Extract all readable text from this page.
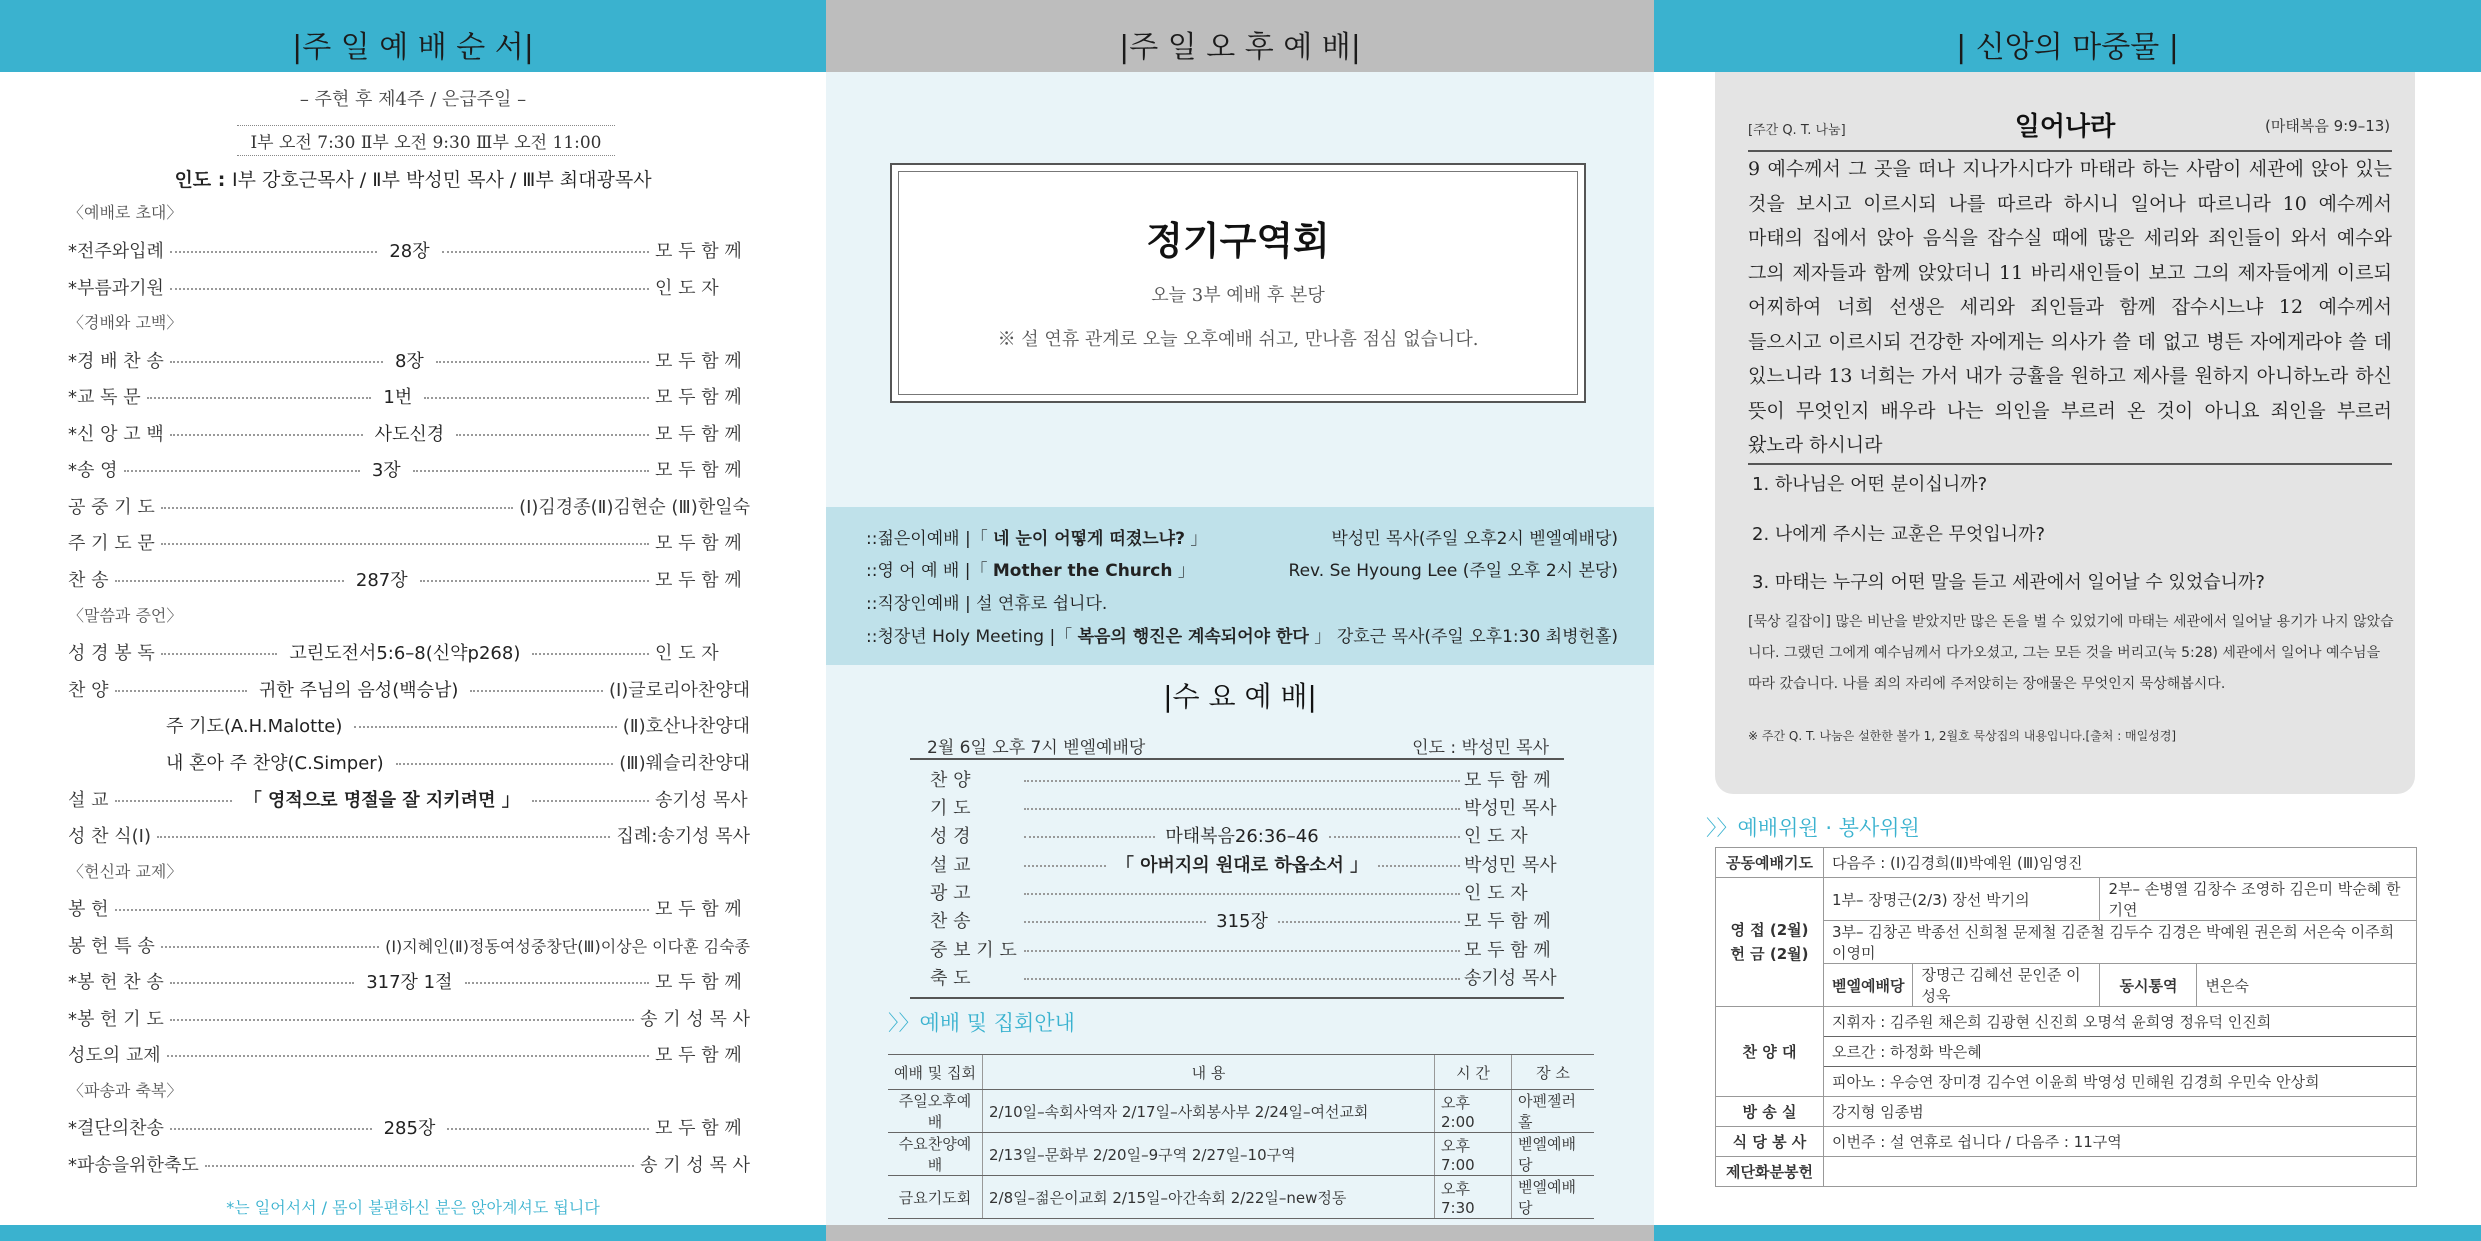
|주 일 예 배 순 서|
– 주현 후 제4주 / 은급주일 –
Ⅰ부 오전 7:30 Ⅱ부 오전 9:30 Ⅲ부 오전 11:00
인도 : Ⅰ부 강호근목사 / Ⅱ부 박성민 목사 / Ⅲ부 최대광목사
〈예배로 초대〉
*전주와입례	28장	모 두 함 께
*부름과기원	인 도 자
〈경배와 고백〉
*경 배 찬 송	8장	모 두 함 께
*교 독 문	1번	모 두 함 께
*신 앙 고 백	사도신경	모 두 함 께
*송 영	3장	모 두 함 께
공 중 기 도	(Ⅰ)김경종(Ⅱ)김현순 (Ⅲ)한일숙
주 기 도 문	모 두 함 께
찬 송	287장	모 두 함 께
〈말씀과 증언〉
성 경 봉 독	고린도전서5:6–8(신약p268)	인 도 자
찬 양	귀한 주님의 음성(백승남)	(Ⅰ)글로리아찬양대
주 기도(A.H.Malotte)	(Ⅱ)호산나찬양대
내 혼아 주 찬양(C.Simper)	(Ⅲ)웨슬리찬양대
설 교	「 영적으로 명절을 잘 지키려면 」	송기성 목사
성 찬 식(Ⅰ)	집례:송기성 목사
〈헌신과 교제〉
봉 헌	모 두 함 께
봉 헌 특 송	(Ⅰ)지혜인(Ⅱ)정동여성중창단(Ⅲ)이상은 이다훈 김숙종
*봉 헌 찬 송	317장 1절	모 두 함 께
*봉 헌 기 도	송 기 성 목 사
성도의 교제	모 두 함 께
〈파송과 축복〉
*결단의찬송	285장	모 두 함 께
*파송을위한축도	송 기 성 목 사
*는 일어서서 / 몸이 불편하신 분은 앉아계셔도 됩니다
|주 일 오 후 예 배|
정기구역회
오늘 3부 예배 후 본당
※ 설 연휴 관계로 오늘 오후예배 쉬고, 만나흠 점심 없습니다.
::젊은이예배 |「 네 눈이 어떻게 떠졌느냐? 」	박성민 목사(주일 오후2시 벧엘예배당)
::영 어 예 배 |「 Mother the Church 」	Rev. Se Hyoung Lee (주일 오후 2시 본당)
::직장인예배 | 설 연휴로 쉽니다.
::청장년 Holy Meeting |「 복음의 행진은 계속되어야 한다 」 강호근 목사(주일 오후1:30 최병헌홀)
|수 요 예 배|
2월 6일 오후 7시 벧엘예배당	인도 : 박성민 목사
찬 양	모 두 함 께
기 도	박성민 목사
성 경	마태복음26:36–46	인 도 자
설 교	「 아버지의 원대로 하옵소서 」	박성민 목사
광 고	인 도 자
찬 송	315장	모 두 함 께
중 보 기 도	모 두 함 께
축 도	송기성 목사
〉〉예배 및 집회안내
예배 및 집회	내 용	시 간	장 소
주일오후예배	2/10일–속회사역자 2/17일–사회봉사부 2/24일–여선교회	오후 2:00	아펜젤러홀
수요찬양예배	2/13일–문화부 2/20일–9구역 2/27일–10구역	오후 7:00	벧엘예배당
금요기도회	2/8일–젊은이교회 2/15일–아간속회 2/22일–new정동	오후 7:30	벧엘예배당
| 신앙의 마중물 |
[주간 Q. T. 나눔]	일어나라	(마태복음 9:9–13)
9 예수께서 그 곳을 떠나 지나가시다가 마태라 하는 사람이 세관에 앉아 있는 것을 보시고 이르시되 나를 따르라 하시니 일어나 따르니라 10 예수께서 마태의 집에서 앉아 음식을 잡수실 때에 많은 세리와 죄인들이 와서 예수와 그의 제자들과 함께 앉았더니 11 바리새인들이 보고 그의 제자들에게 이르되 어찌하여 너희 선생은 세리와 죄인들과 함께 잡수시느냐 12 예수께서 들으시고 이르시되 건강한 자에게는 의사가 쓸 데 없고 병든 자에게라야 쓸 데 있느니라 13 너희는 가서 내가 긍휼을 원하고 제사를 원하지 아니하노라 하신 뜻이 무엇인지 배우라 나는 의인을 부르러 온 것이 아니요 죄인을 부르러 왔노라 하시니라
1. 하나님은 어떤 분이십니까?
2. 나에게 주시는 교훈은 무엇입니까?
3. 마태는 누구의 어떤 말을 듣고 세관에서 일어날 수 있었습니까?
[묵상 길잡이] 많은 비난을 받았지만 많은 돈을 벌 수 있었기에 마태는 세관에서 일어날 용기가 나지 않았습니다. 그랬던 그에게 예수님께서 다가오셨고, 그는 모든 것을 버리고(눅 5:28) 세관에서 일어나 예수님을 따라 갔습니다. 나를 죄의 자리에 주저앉히는 장애물은 무엇인지 묵상해봅시다.
※ 주간 Q. T. 나눔은 설한한 볼가 1, 2월호 묵상집의 내용입니다.[출처 : 매일성경]
〉〉예배위원 · 봉사위원
공동예배기도	다음주 : (Ⅰ)김경희(Ⅱ)박예원 (Ⅲ)임영진			
영 접 (2월)
헌 금 (2월)	1부– 장명근(2/3) 장선 박기의		2부– 손병열 김창수 조영하 김은미 박순혜 한기연	
	3부– 김창곤 박종선 신희철 문제철 김준철 김두수 김경은 박예원 권은희 서은숙 이주희 이영미			
	벧엘예배당	장명근 김혜선 문인준 이성욱	동시통역	변은숙
찬 양 대	지휘자 : 김주원 채은희 김광현 신진희 오명석 윤희영 정유덕 인진희			
	오르간 : 하정화 박은혜			
	피아노 : 우승연 장미경 김수연 이윤희 박영성 민해원 김경희 우민숙 안상희			
방 송 실	강지형 임종범			
식 당 봉 사	이번주 : 설 연휴로 쉽니다 / 다음주 : 11구역			
제단화분봉헌				
